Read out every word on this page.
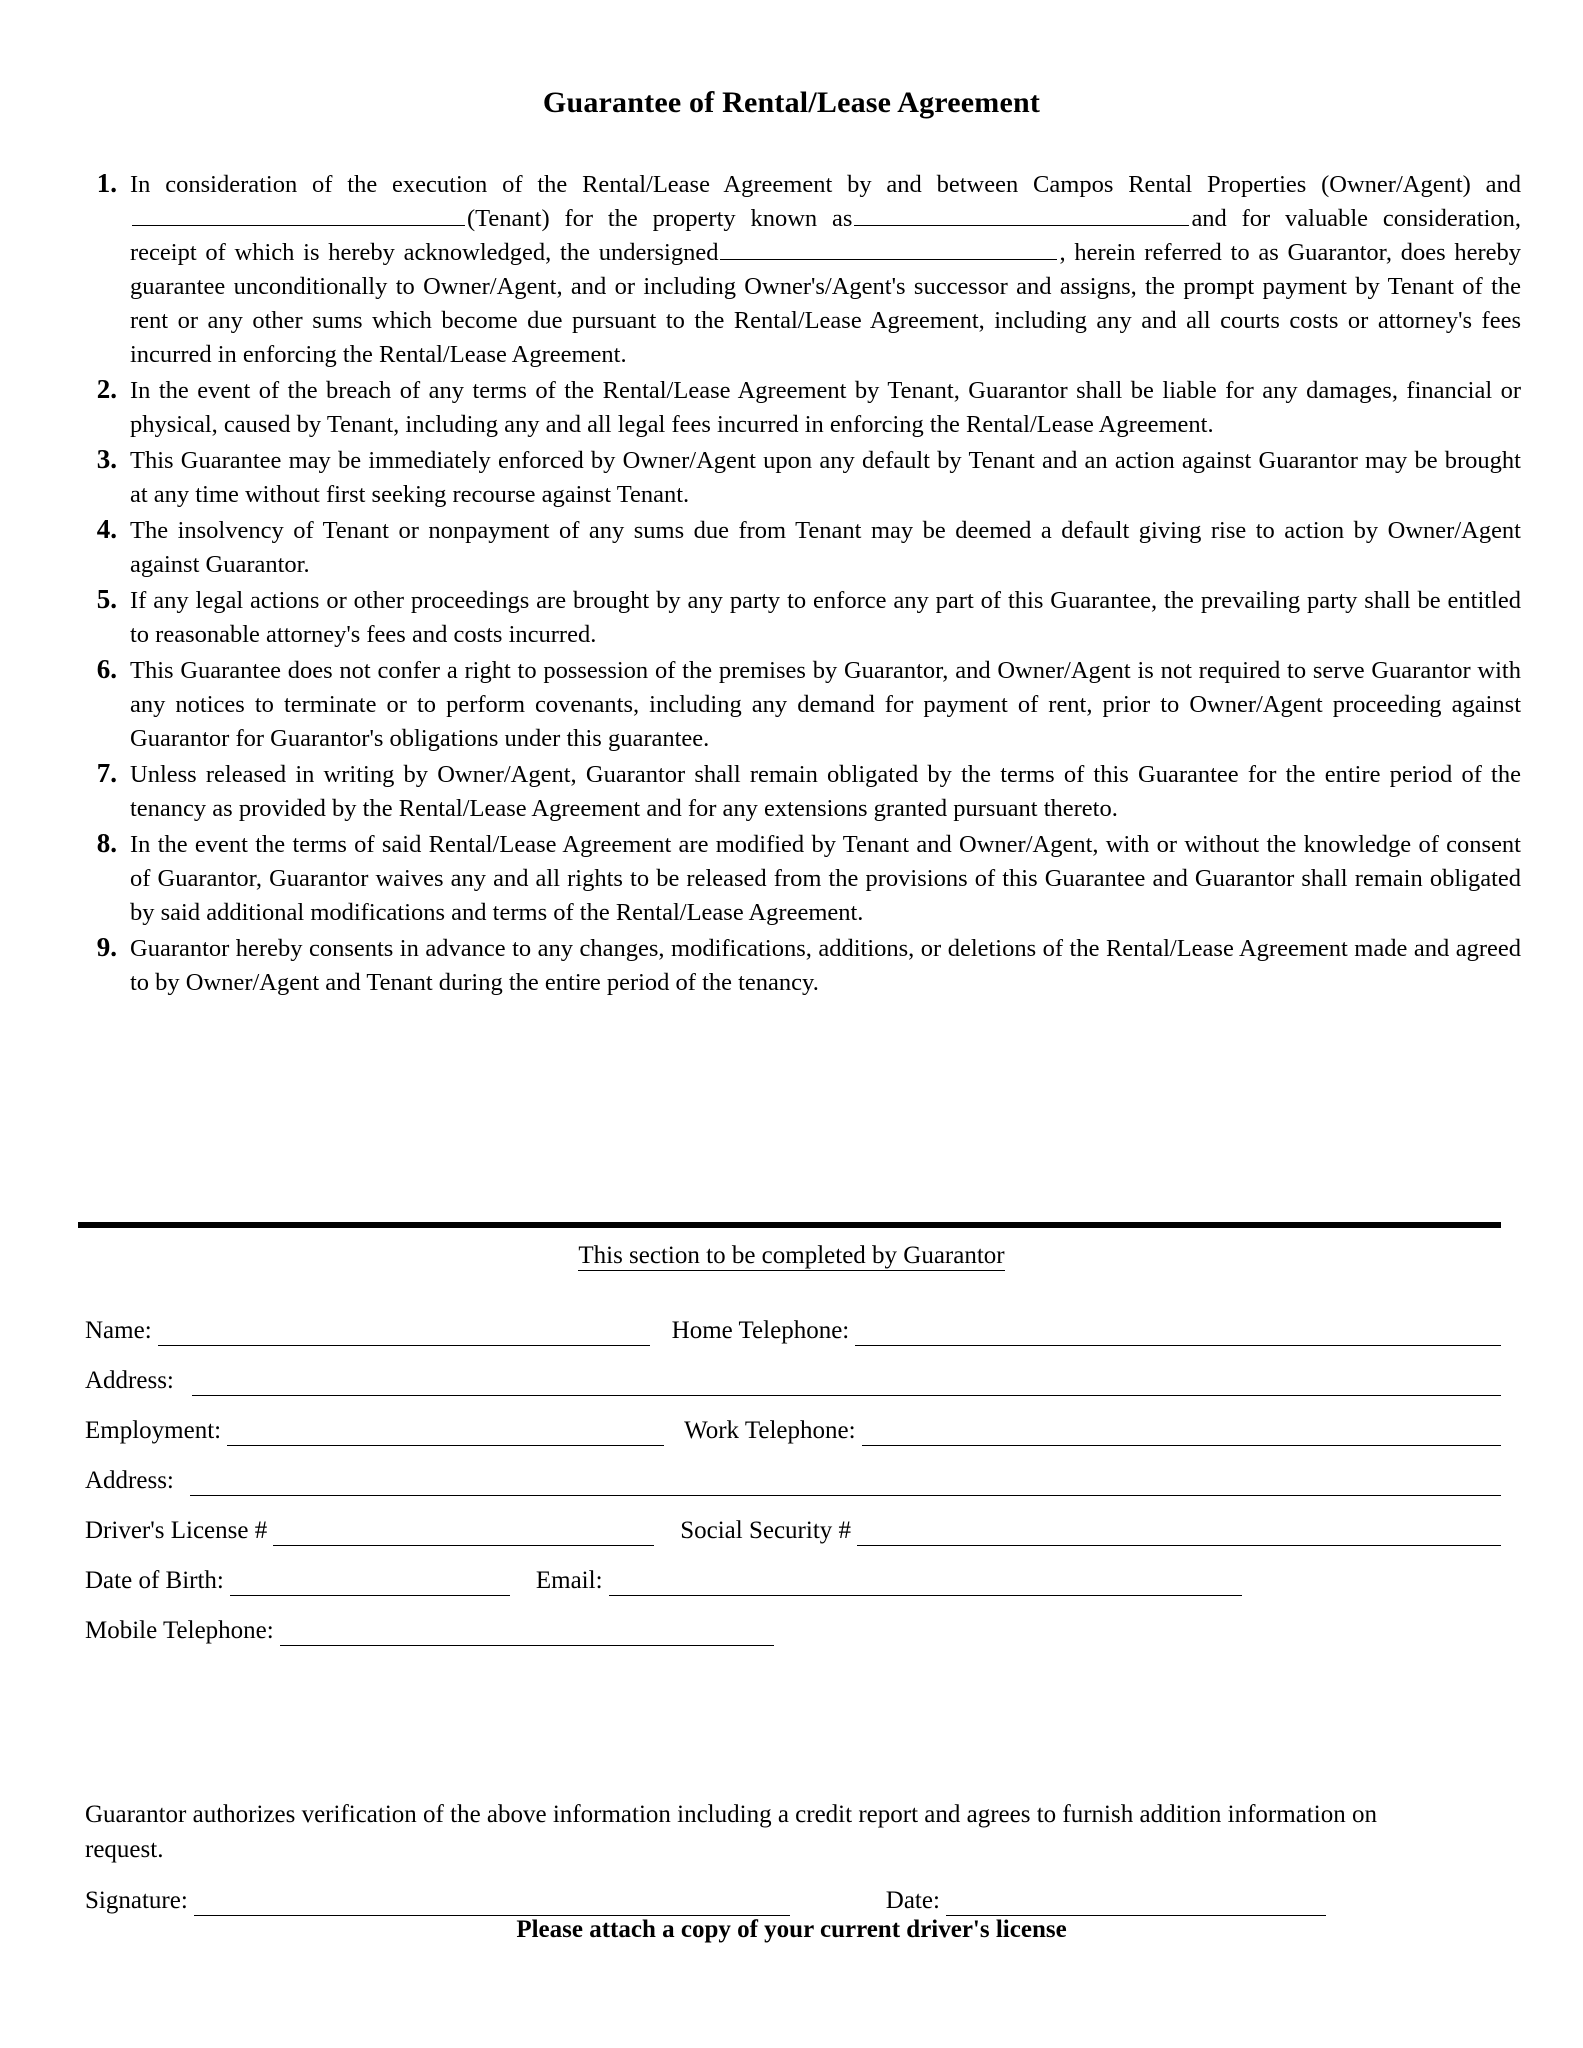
Guarantee of Rental/Lease Agreement
1. In consideration of the execution of the Rental/Lease Agreement by and between Campos Rental Properties (Owner/Agent) and(Tenant) for the property known as	and for valuable consideration, receipt of which is hereby acknowledged, the undersigned	, herein referred to as Guarantor, does hereby guarantee unconditionally to Owner/Agent, and or including Owner's/Agent's successor and assigns, the prompt payment by Tenant of the rent or any other sums which become due pursuant to the Rental/Lease Agreement, including any and all courts costs or attorney's fees incurred in enforcing the Rental/Lease Agreement.
2. In the event of the breach of any terms of the Rental/Lease Agreement by Tenant, Guarantor shall be liable for any damages, financial or physical, caused by Tenant, including any and all legal fees incurred in enforcing the Rental/Lease Agreement.
3. This Guarantee may be immediately enforced by Owner/Agent upon any default by Tenant and an action against Guarantor may be brought at any time without first seeking recourse against Tenant.
4. The insolvency of Tenant or nonpayment of any sums due from Tenant may be deemed a default giving rise to action by Owner/Agent against Guarantor.
5. If any legal actions or other proceedings are brought by any party to enforce any part of this Guarantee, the prevailing party shall be entitled to reasonable attorney's fees and costs incurred.
6. This Guarantee does not confer a right to possession of the premises by Guarantor, and Owner/Agent is not required to serve Guarantor with any notices to terminate or to perform covenants, including any demand for payment of rent, prior to Owner/Agent proceeding against Guarantor for Guarantor's obligations under this guarantee.
7. Unless released in writing by Owner/Agent, Guarantor shall remain obligated by the terms of this Guarantee for the entire period of the tenancy as provided by the Rental/Lease Agreement and for any extensions granted pursuant thereto.
8. In the event the terms of said Rental/Lease Agreement are modified by Tenant and Owner/Agent, with or without the knowledge of consent of Guarantor, Guarantor waives any and all rights to be released from the provisions of this Guarantee and Guarantor shall remain obligated by said additional modifications and terms of the Rental/Lease Agreement.
9. Guarantor hereby consents in advance to any changes, modifications, additions, or deletions of the Rental/Lease Agreement made and agreed to by Owner/Agent and Tenant during the entire period of the tenancy.
This section to be completed by Guarantor
Name:	Home Telephone:
Address:
Employment:	Work Telephone:
Address:
Driver's License #	Social Security #
Date of Birth:	Email:
Mobile Telephone:

Guarantor authorizes verification of the above information including a credit report and agrees to furnish addition information on request.

Signature:	Date:
Please attach a copy of your current driver's license
